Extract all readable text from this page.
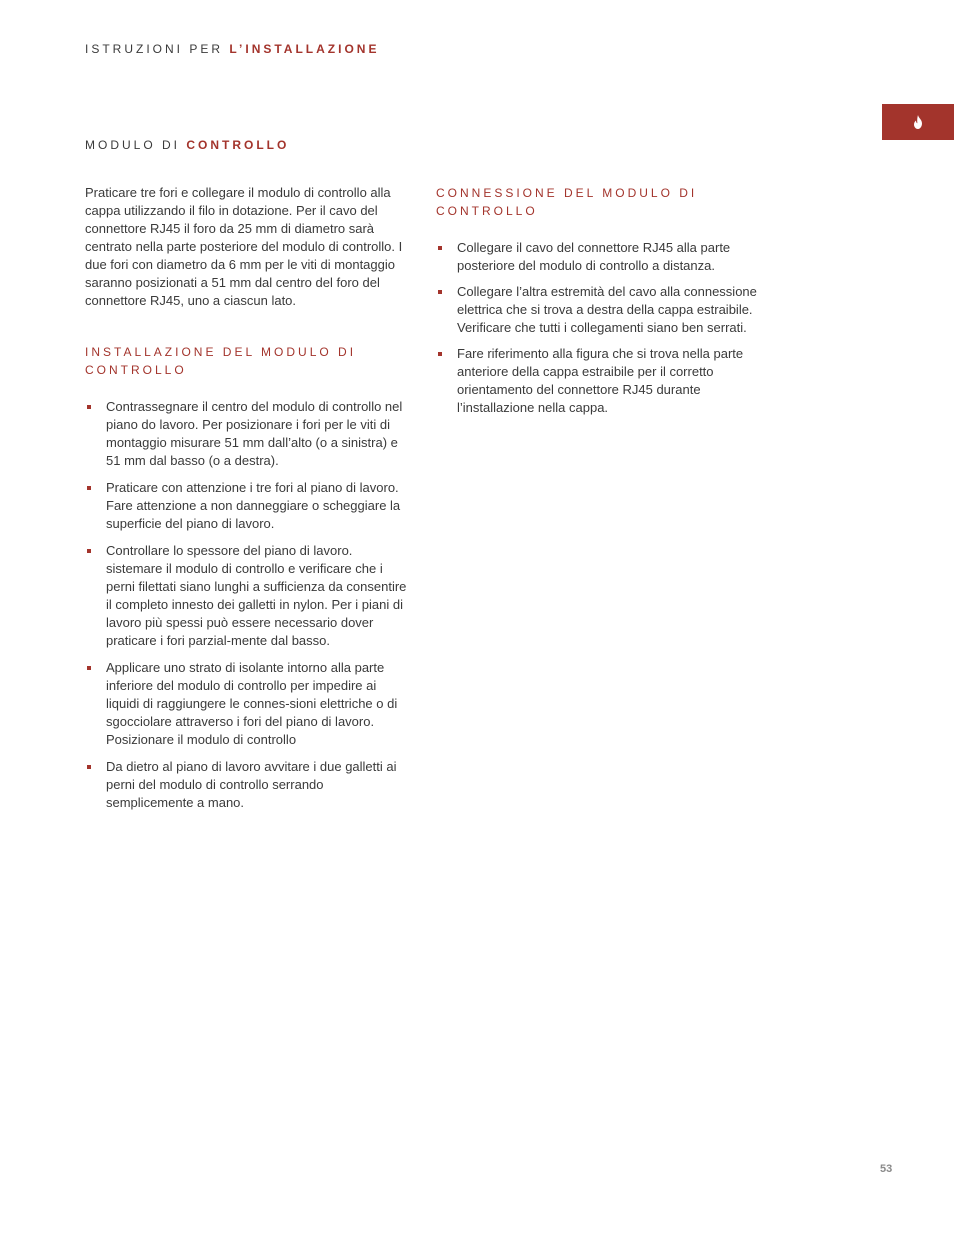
ISTRUZIONI PER L’INSTALLAZIONE
MODULO DI CONTROLLO

Praticare tre fori e collegare il modulo di controllo alla cappa utilizzando il filo in dotazione. Per il cavo del connettore RJ45 il foro da 25 mm di diametro sarà centrato nella parte posteriore del modulo di controllo. I due fori con diametro da 6 mm per le viti di montaggio saranno posizionati a 51 mm dal centro del foro del connettore RJ45, uno a ciascun lato.

INSTALLAZIONE DEL MODULO DI CONTROLLO
Contrassegnare il centro del modulo di controllo nel piano do lavoro. Per posizionare i fori per le viti di montaggio misurare 51 mm dall’alto (o a sinistra) e 51 mm dal basso (o a destra).
Praticare con attenzione i tre fori al piano di lavoro. Fare attenzione a non danneggiare o scheggiare la superficie del piano di lavoro.
Controllare lo spessore del piano di lavoro. sistemare il modulo di controllo e verificare che i perni filettati siano lunghi a sufficienza da consentire il completo innesto dei galletti in nylon. Per i piani di lavoro più spessi può essere necessario dover praticare i fori parzial-mente dal basso.
Applicare uno strato di isolante intorno alla parte inferiore del modulo di controllo per impedire ai liquidi di raggiungere le connes-sioni elettriche o di sgocciolare attraverso i fori del piano di lavoro. Posizionare il modulo di controllo
Da dietro al piano di lavoro avvitare i due galletti ai perni del modulo di controllo serrando semplicemente a mano.
CONNESSIONE DEL MODULO DI CONTROLLO
Collegare il cavo del connettore RJ45 alla parte posteriore del modulo di controllo a distanza.
Collegare l’altra estremità del cavo alla connessione elettrica che si trova a destra della cappa estraibile. Verificare che tutti i collegamenti siano ben serrati.
Fare riferimento alla figura che si trova nella parte anteriore della cappa estraibile per il corretto orientamento del connettore RJ45 durante l’installazione nella cappa.
53
